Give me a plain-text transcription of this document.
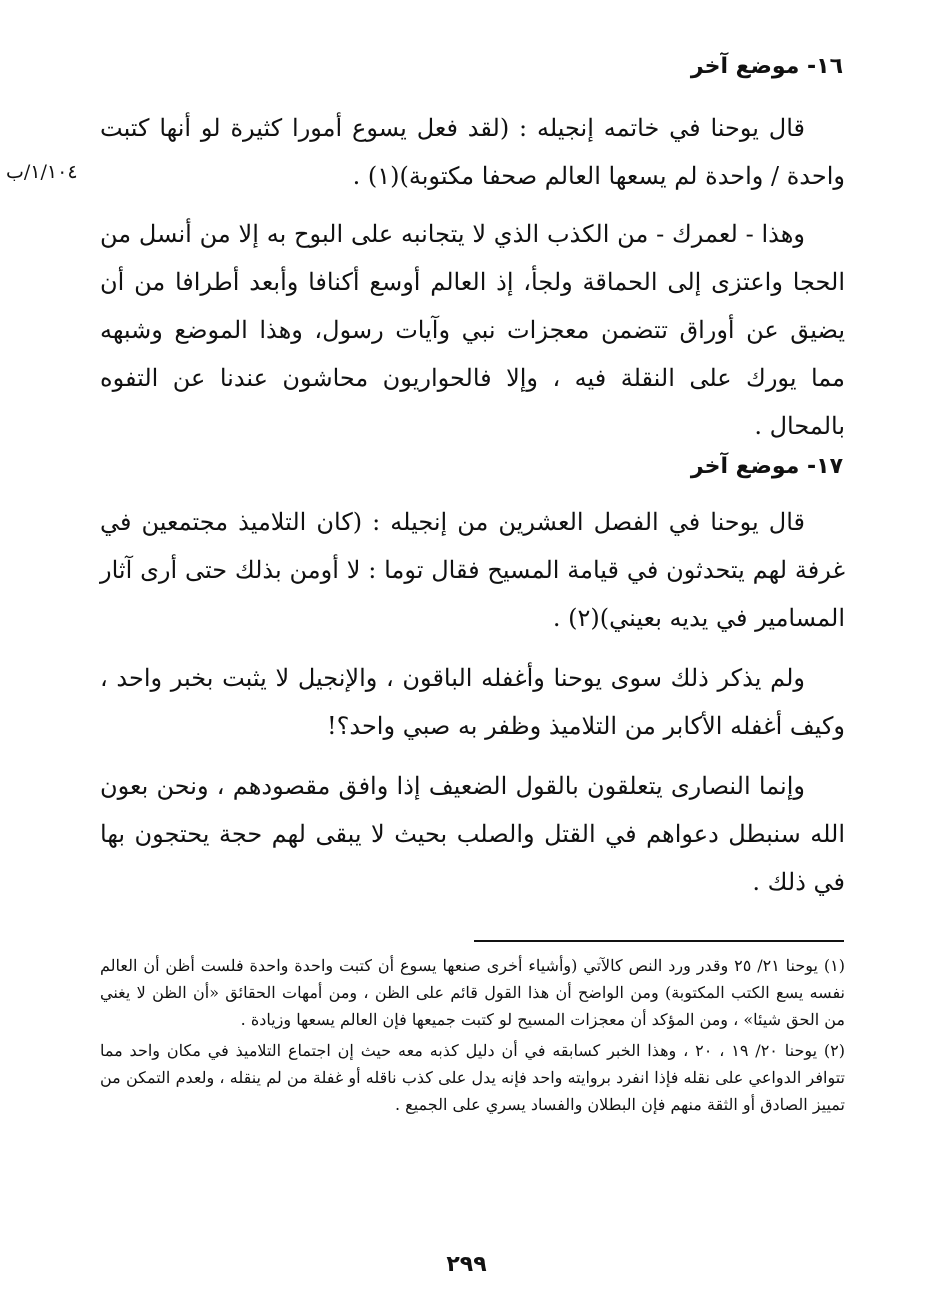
١/١٠٤/ب
١٦- موضع آخر

قال يوحنا في خاتمه إنجيله : (لقد فعل يسوع أمورا كثيرة لو أنها كتبت واحدة / واحدة لم يسعها العالم صحفا مكتوبة)(١) .

وهذا - لعمرك - من الكذب الذي لا يتجانبه على البوح به إلا من أنسل من الحجا واعتزى إلى الحماقة ولجأ، إذ العالم أوسع أكنافا وأبعد أطرافا من أن يضيق عن أوراق تتضمن معجزات نبي وآيات رسول، وهذا الموضع وشبهه مما يورك على النقلة فيه ، وإلا فالحواريون محاشون عندنا عن التفوه بالمحال .

١٧- موضع آخر

قال يوحنا في الفصل العشرين من إنجيله : (كان التلاميذ مجتمعين في غرفة لهم يتحدثون في قيامة المسيح فقال توما : لا أومن بذلك حتى أرى آثار المسامير في يديه بعيني)(٢) .

ولم يذكر ذلك سوى يوحنا وأغفله الباقون ، والإنجيل لا يثبت بخبر واحد ، وكيف أغفله الأكابر من التلاميذ وظفر به صبي واحد؟!

وإنما النصارى يتعلقون بالقول الضعيف إذا وافق مقصودهم ، ونحن بعون الله سنبطل دعواهم في القتل والصلب بحيث لا يبقى لهم حجة يحتجون بها في ذلك .

(١) يوحنا ٢١/ ٢٥ وقدر ورد النص كالآتي (وأشياء أخرى صنعها يسوع أن كتبت واحدة واحدة فلست أظن أن العالم نفسه يسع الكتب المكتوبة) ومن الواضح أن هذا القول قائم على الظن ، ومن أمهات الحقائق «أن الظن لا يغني من الحق شيئا» ، ومن المؤكد أن معجزات المسيح لو كتبت جميعها فإن العالم يسعها وزيادة .

(٢) يوحنا ٢٠/ ١٩ ، ٢٠ ، وهذا الخبر كسابقه في أن دليل كذبه معه حيث إن اجتماع التلاميذ في مكان واحد مما تتوافر الدواعي على نقله فإذا انفرد بروايته واحد فإنه يدل على كذب ناقله أو غفلة من لم ينقله ، ولعدم التمكن من تمييز الصادق أو الثقة منهم فإن البطلان والفساد يسري على الجميع .

٢٩٩
